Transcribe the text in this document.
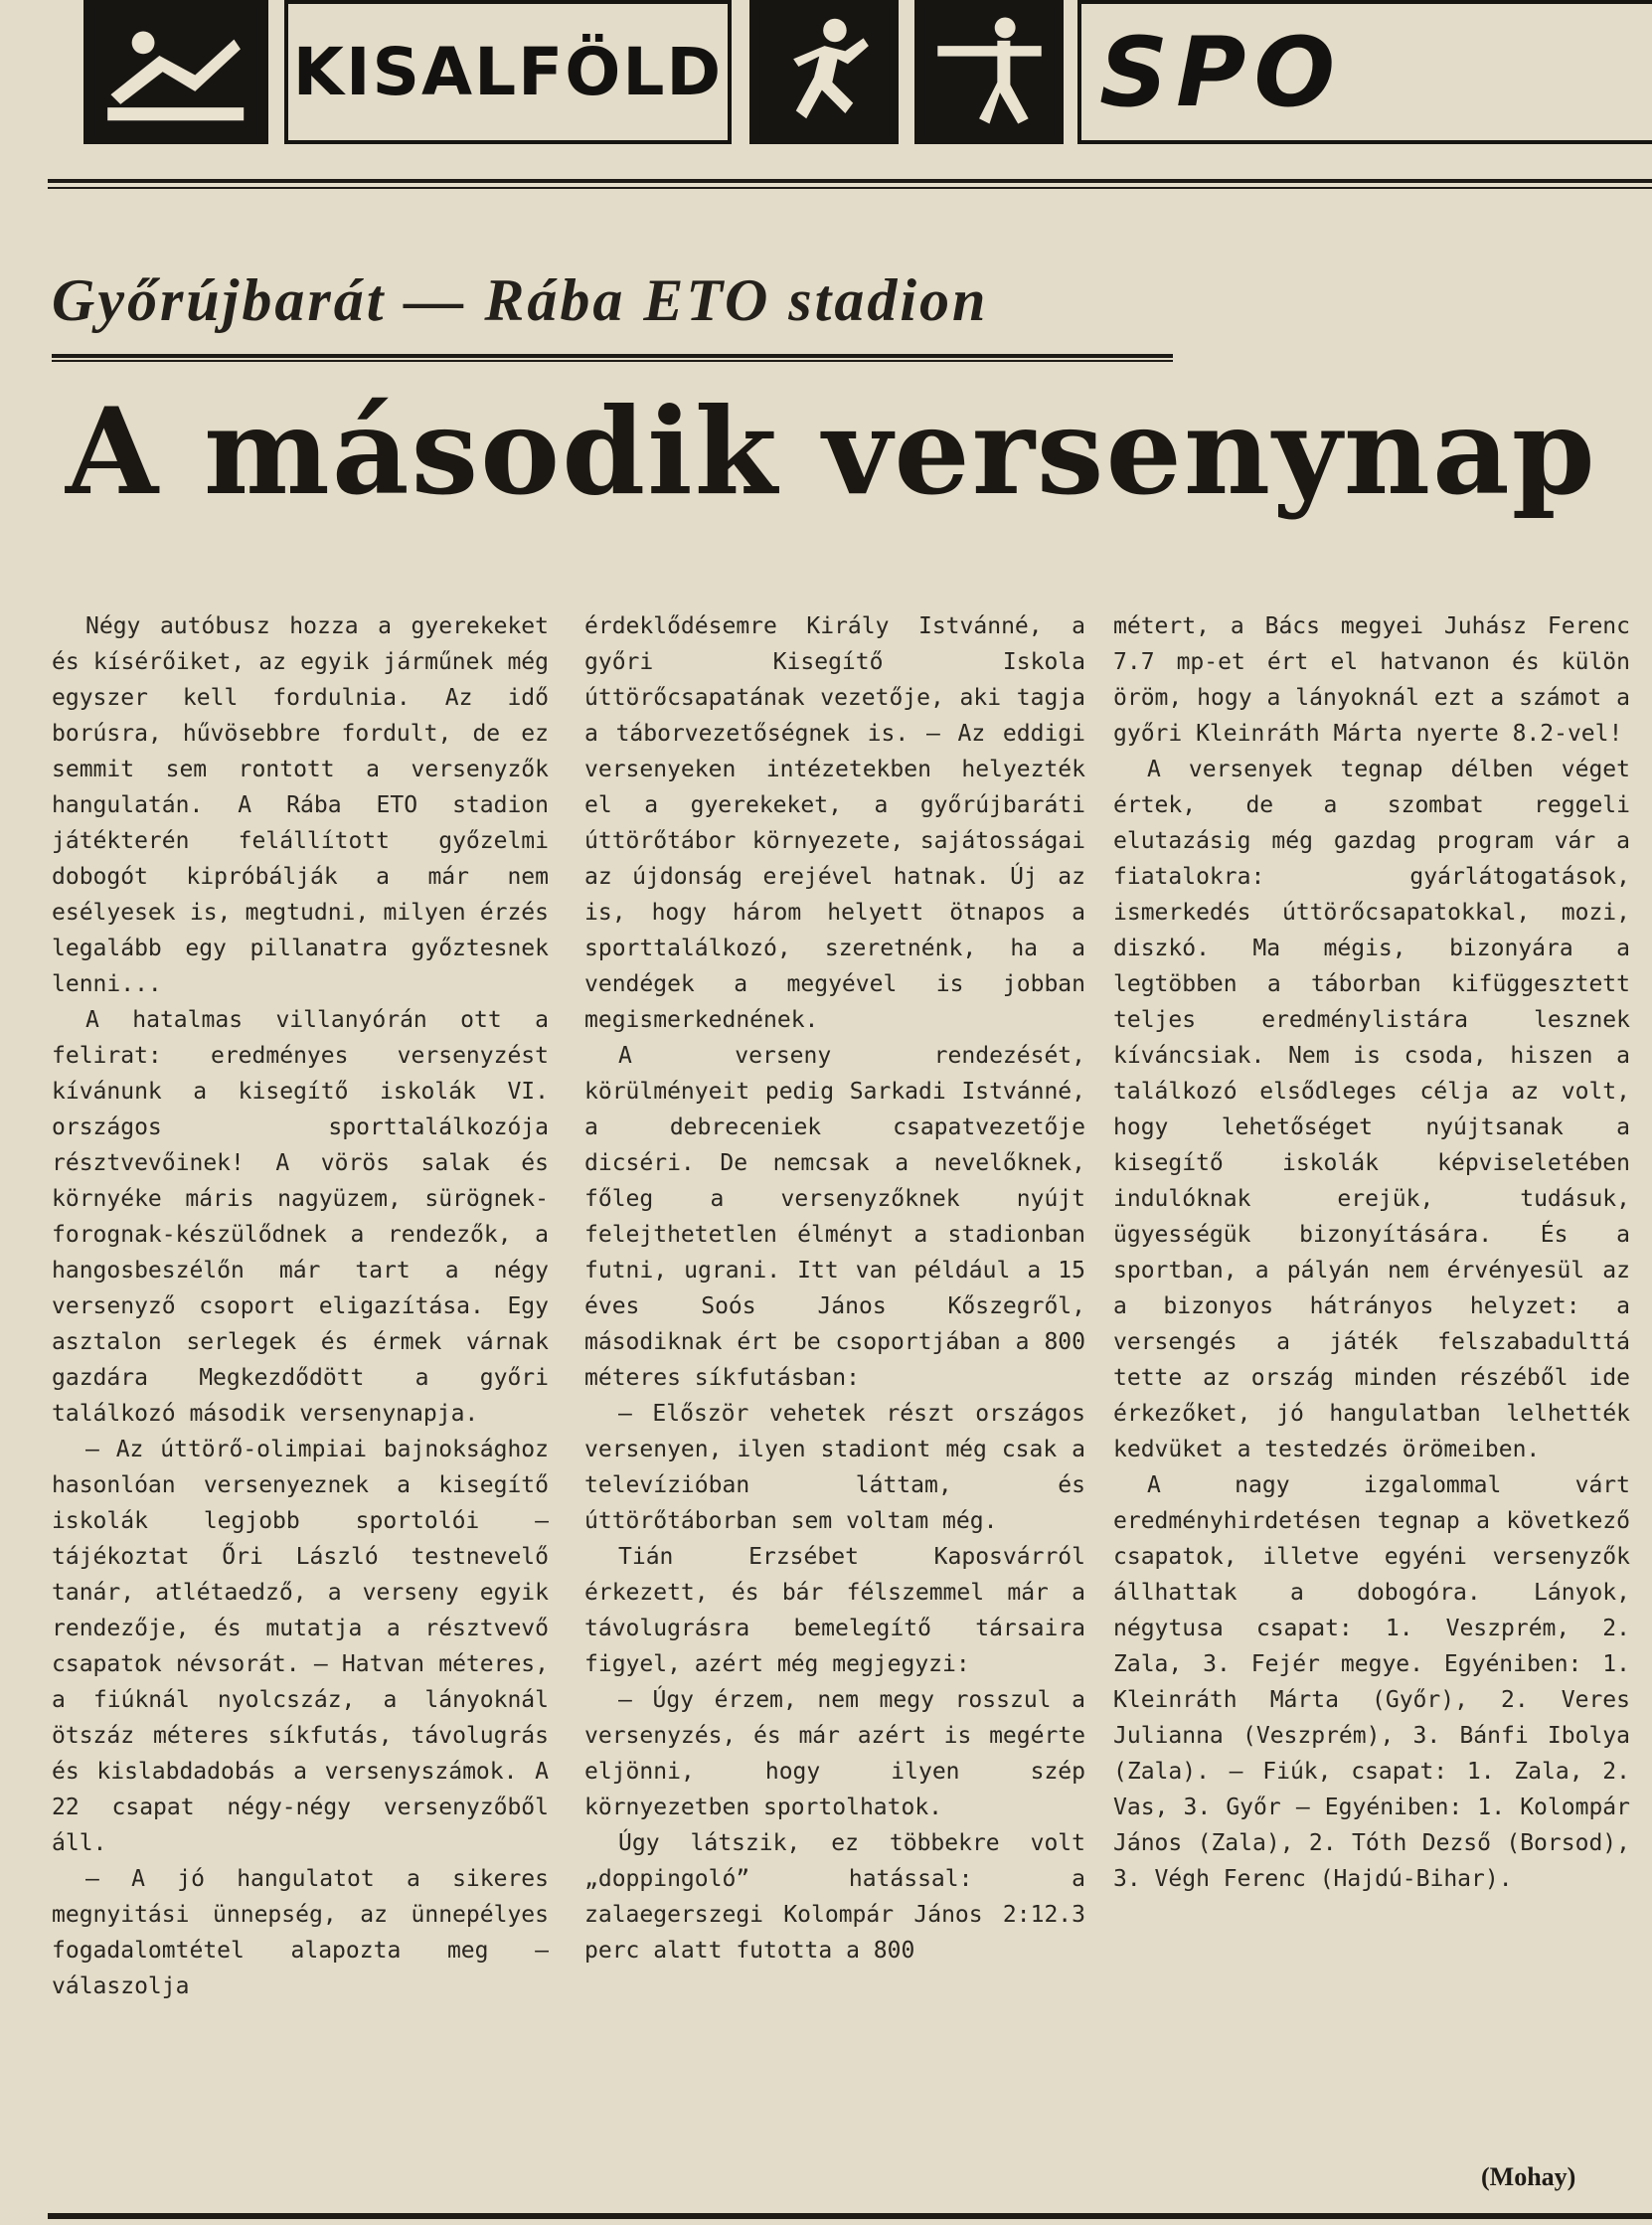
KISALFÖLD	SPO
Győrújbarát — Rába ETO stadion
A második versenynap

Négy autóbusz hozza a gyerekeket és kísérőiket, az egyik járműnek még egyszer kell fordulnia. Az idő borúsra, hűvösebbre fordult, de ez semmit sem rontott a versenyzők hangulatán. A Rába ETO stadion játékterén felállított győzelmi dobogót kipróbálják a már nem esélyesek is, megtudni, milyen érzés legalább egy pillanatra győztesnek lenni...

A hatalmas villanyórán ott a felirat: eredményes versenyzést kívánunk a kisegítő iskolák VI. országos sporttalálkozója résztvevőinek! A vörös salak és környéke máris nagyüzem, sürögnek-forognak-készülődnek a rendezők, a hangosbeszélőn már tart a négy versenyző csoport eligazítása. Egy asztalon serlegek és érmek várnak gazdára Megkezdődött a győri találkozó második versenynapja.

— Az úttörő-olimpiai bajnoksághoz hasonlóan versenyeznek a kisegítő iskolák legjobb sportolói — tájékoztat Őri László testnevelő tanár, atlétaedző, a verseny egyik rendezője, és mutatja a résztvevő csapatok névsorát. — Hatvan méteres, a fiúknál nyolcszáz, a lányoknál ötszáz méteres síkfutás, távolugrás és kislabdadobás a versenyszámok. A 22 csapat négy-négy versenyzőből áll.

— A jó hangulatot a sikeres megnyitási ünnepség, az ünnepélyes fogadalomtétel alapozta meg — válaszolja

érdeklődésemre Király Istvánné, a győri Kisegítő Iskola úttörőcsapatának vezetője, aki tagja a táborvezetőségnek is. — Az eddigi versenyeken intézetekben helyezték el a gyerekeket, a győrújbaráti úttörőtábor környezete, sajátosságai az újdonság erejével hatnak. Új az is, hogy három helyett ötnapos a sporttalálkozó, szeretnénk, ha a vendégek a megyével is jobban megismerkednének.

A verseny rendezését, körülményeit pedig Sarkadi Istvánné, a debreceniek csapatvezetője dicséri. De nemcsak a nevelőknek, főleg a versenyzőknek nyújt felejthetetlen élményt a stadionban futni, ugrani. Itt van például a 15 éves Soós János Kőszegről, másodiknak ért be csoportjában a 800 méteres síkfutásban:

— Először vehetek részt országos versenyen, ilyen stadiont még csak a televízióban láttam, és úttörőtáborban sem voltam még.

Tián Erzsébet Kaposvárról érkezett, és bár félszemmel már a távolugrásra bemelegítő társaira figyel, azért még megjegyzi:

— Úgy érzem, nem megy rosszul a versenyzés, és már azért is megérte eljönni, hogy ilyen szép környezetben sportolhatok.

Úgy látszik, ez többekre volt „doppingoló” hatással: a zalaegerszegi Kolompár János 2:12.3 perc alatt futotta a 800

métert, a Bács megyei Juhász Ferenc 7.7 mp-et ért el hatvanon és külön öröm, hogy a lányoknál ezt a számot a győri Kleinráth Márta nyerte 8.2-vel!

A versenyek tegnap délben véget értek, de a szombat reggeli elutazásig még gazdag program vár a fiatalokra: gyárlátogatások, ismerkedés úttörőcsapatokkal, mozi, diszkó. Ma mégis, bizonyára a legtöbben a táborban kifüggesztett teljes eredménylistára lesznek kíváncsiak. Nem is csoda, hiszen a találkozó elsődleges célja az volt, hogy lehetőséget nyújtsanak a kisegítő iskolák képviseletében indulóknak erejük, tudásuk, ügyességük bizonyítására. És a sportban, a pályán nem érvényesül az a bizonyos hátrányos helyzet: a versengés a játék felszabadulttá tette az ország minden részéből ide érkezőket, jó hangulatban lelhették kedvüket a testedzés örömeiben.

A nagy izgalommal várt eredményhirdetésen tegnap a következő csapatok, illetve egyéni versenyzők állhattak a dobogóra. Lányok, négytusa csapat: 1. Veszprém, 2. Zala, 3. Fejér megye. Egyéniben: 1. Kleinráth Márta (Győr), 2. Veres Julianna (Veszprém), 3. Bánfi Ibolya (Zala). — Fiúk, csapat: 1. Zala, 2. Vas, 3. Győr — Egyéniben: 1. Kolompár János (Zala), 2. Tóth Dezső (Borsod), 3. Végh Ferenc (Hajdú-Bihar).

(Mohay)
